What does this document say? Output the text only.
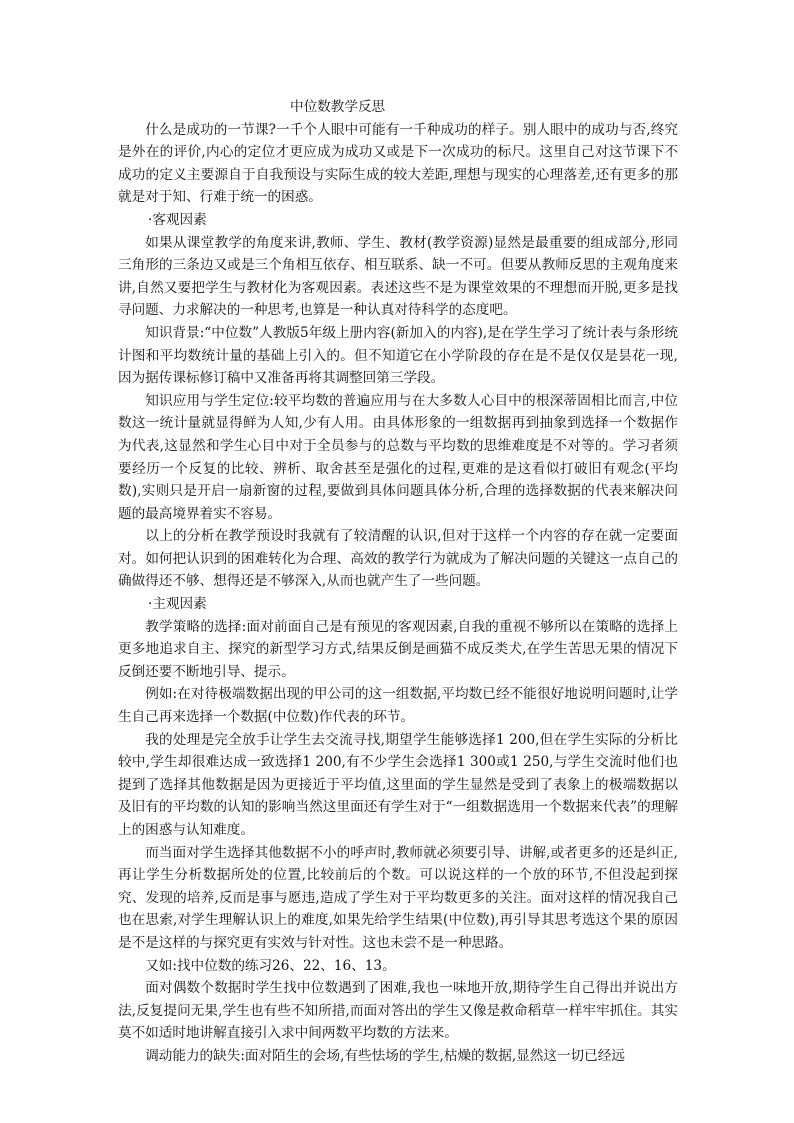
中位数教学反思

什么是成功的一节课?一千个人眼中可能有一千种成功的样子。别人眼中的成功与否,终究是外在的评价,内心的定位才更应成为成功又或是下一次成功的标尺。这里自己对这节课下不成功的定义主要源自于自我预设与实际生成的较大差距,理想与现实的心理落差,还有更多的那就是对于知、行难于统一的困惑。

·客观因素

如果从课堂教学的角度来讲,教师、学生、教材(教学资源)显然是最重要的组成部分,形同三角形的三条边又或是三个角相互依存、相互联系、缺一不可。但要从教师反思的主观角度来讲,自然又要把学生与教材化为客观因素。表述这些不是为课堂效果的不理想而开脱,更多是找寻问题、力求解决的一种思考,也算是一种认真对待科学的态度吧。

知识背景:“中位数”人教版5年级上册内容(新加入的内容),是在学生学习了统计表与条形统计图和平均数统计量的基础上引入的。但不知道它在小学阶段的存在是不是仅仅是昙花一现,因为据传课标修订稿中又准备再将其调整回第三学段。

知识应用与学生定位:较平均数的普遍应用与在大多数人心目中的根深蒂固相比而言,中位数这一统计量就显得鲜为人知,少有人用。由具体形象的一组数据再到抽象到选择一个数据作为代表,这显然和学生心目中对于全员参与的总数与平均数的思维难度是不对等的。学习者须要经历一个反复的比较、辨析、取舍甚至是强化的过程,更难的是这看似打破旧有观念(平均数),实则只是开启一扇新窗的过程,要做到具体问题具体分析,合理的选择数据的代表来解决问题的最高境界着实不容易。

以上的分析在教学预设时我就有了较清醒的认识,但对于这样一个内容的存在就一定要面对。如何把认识到的困难转化为合理、高效的教学行为就成为了解决问题的关键这一点自己的确做得还不够、想得还是不够深入,从而也就产生了一些问题。

·主观因素

教学策略的选择:面对前面自己是有预见的客观因素,自我的重视不够所以在策略的选择上更多地追求自主、探究的新型学习方式,结果反倒是画猫不成反类犬,在学生苦思无果的情况下反倒还要不断地引导、提示。

例如:在对待极端数据出现的甲公司的这一组数据,平均数已经不能很好地说明问题时,让学生自己再来选择一个数据(中位数)作代表的环节。

我的处理是完全放手让学生去交流寻找,期望学生能够选择1 200,但在学生实际的分析比较中,学生却很难达成一致选择1 200,有不少学生会选择1 300或1 250,与学生交流时他们也提到了选择其他数据是因为更接近于平均值,这里面的学生显然是受到了表象上的极端数据以及旧有的平均数的认知的影响当然这里面还有学生对于“一组数据选用一个数据来代表”的理解上的困惑与认知难度。

而当面对学生选择其他数据不小的呼声时,教师就必须要引导、讲解,或者更多的还是纠正,再让学生分析数据所处的位置,比较前后的个数。可以说这样的一个放的环节,不但没起到探究、发现的培养,反而是事与愿违,造成了学生对于平均数更多的关注。面对这样的情况我自己也在思索,对学生理解认识上的难度,如果先给学生结果(中位数),再引导其思考选这个果的原因是不是这样的与探究更有实效与针对性。这也未尝不是一种思路。

又如:找中位数的练习26、22、16、13。

面对偶数个数据时学生找中位数遇到了困难,我也一味地开放,期待学生自己得出并说出方法,反复提问无果,学生也有些不知所措,而面对答出的学生又像是救命稻草一样牢牢抓住。其实莫不如适时地讲解直接引入求中间两数平均数的方法来。

调动能力的缺失:面对陌生的会场,有些怯场的学生,枯燥的数据,显然这一切已经远
